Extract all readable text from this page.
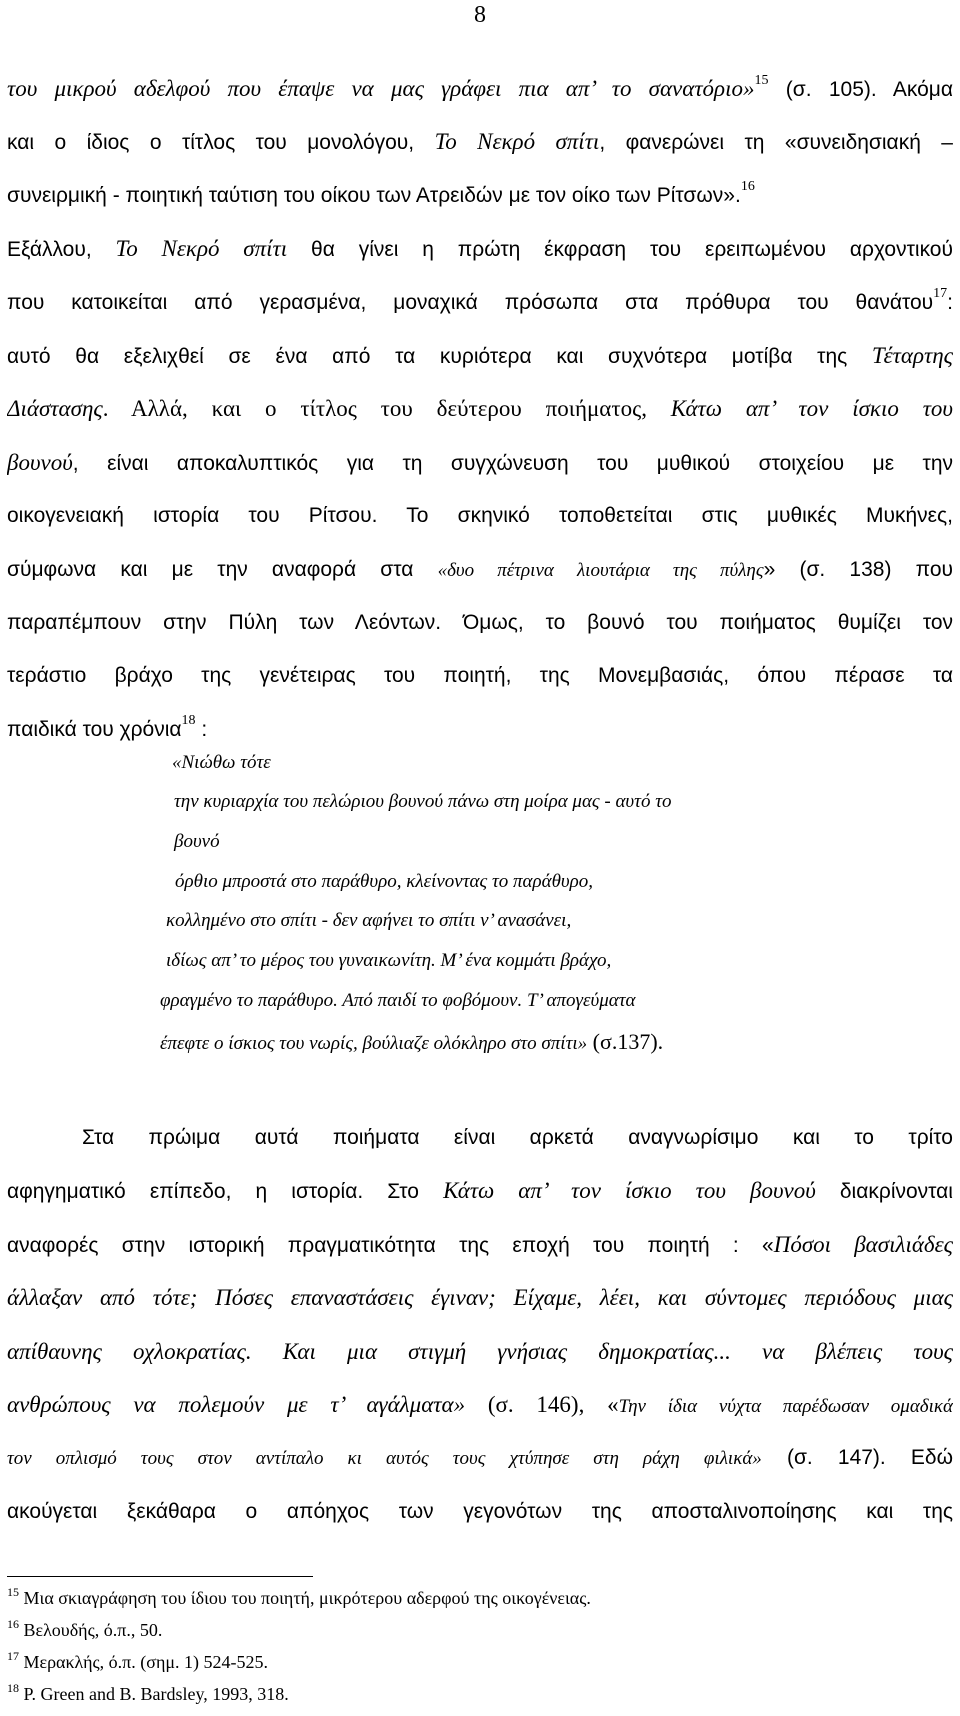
8
του μικρού αδελφού που έπαψε να μας γράφει πια απ’ το σανατόριο»$^{15}$ (σ. 105). Ακόμα
και ο ίδιος ο τίτλος του μονολόγου, Το Νεκρό σπίτι, φανερώνει τη «συνειδησιακή –
συνειρμική - ποιητική ταύτιση του οίκου των Ατρειδών με τον οίκο των Ρίτσων».$^{16}$
Εξάλλου, Το Νεκρό σπίτι θα γίνει η πρώτη έκφραση του ερειπωμένου αρχοντικού
που κατοικείται από γερασμένα, μοναχικά πρόσωπα στα πρόθυρα του θανάτου$^{17}$:
αυτό θα εξελιχθεί σε ένα από τα κυριότερα και συχνότερα μοτίβα της Τέταρτης
Διάστασης. Αλλά, και ο τίτλος του δεύτερου ποιήματος, Κάτω απ’ τον ίσκιο του
βουνού, είναι αποκαλυπτικός για τη συγχώνευση του μυθικού στοιχείου με την
οικογενειακή ιστορία του Ρίτσου. Το σκηνικό τοποθετείται στις μυθικές Μυκήνες,
σύμφωνα και με την αναφορά στα «δυο πέτρινα λιουτάρια της πύλης» (σ. 138) που
παραπέμπουν στην Πύλη των Λεόντων. Όμως, το βουνό του ποιήματος θυμίζει τον
τεράστιο βράχο της γενέτειρας του ποιητή, της Μονεμβασιάς, όπου πέρασε τα
παιδικά του χρόνια$^{18}$ :
«Νιώθω τότε
την κυριαρχία του πελώριου βουνού πάνω στη μοίρα μας - αυτό το
βουνό
όρθιο μπροστά στο παράθυρο, κλείνοντας το παράθυρο,
κολλημένο στο σπίτι - δεν αφήνει το σπίτι ν’ ανασάνει,
ιδίως απ’ το μέρος του γυναικωνίτη. Μ’ ένα κομμάτι βράχο,
φραγμένο το παράθυρο. Από παιδί το φοβόμουν. Τ’ απογεύματα
έπεφτε ο ίσκιος του νωρίς, βούλιαζε ολόκληρο στο σπίτι» (σ.137).
Στα πρώιμα αυτά ποιήματα είναι αρκετά αναγνωρίσιμο και το τρίτο
αφηγηματικό επίπεδο, η ιστορία. Στο Κάτω απ’ τον ίσκιο του βουνού διακρίνονται
αναφορές στην ιστορική πραγματικότητα της εποχή του ποιητή : «Πόσοι βασιλιάδες
άλλαξαν από τότε; Πόσες επαναστάσεις έγιναν; Είχαμε, λέει, και σύντομες περιόδους μιας
απίθαυνης οχλοκρατίας. Και μια στιγμή γνήσιας δημοκρατίας... να βλέπεις τους
ανθρώπους να πολεμούν με τ’ αγάλματα» (σ. 146), «Την ίδια νύχτα παρέδωσαν ομαδικά
τον οπλισμό τους στον αντίπαλο κι αυτός τους χτύπησε στη ράχη φιλικά» (σ. 147). Εδώ
ακούγεται ξεκάθαρα ο απόηχος των γεγονότων της αποσταλινοποίησης και της
$^{15}$ Μια σκιαγράφηση του ίδιου του ποιητή, μικρότερου αδερφού της οικογένειας.
$^{16}$ Βελουδής, ό.π., 50.
$^{17}$ Μερακλής, ό.π. (σημ. 1) 524-525.
$^{18}$ P. Green and B. Bardsley, 1993, 318.
